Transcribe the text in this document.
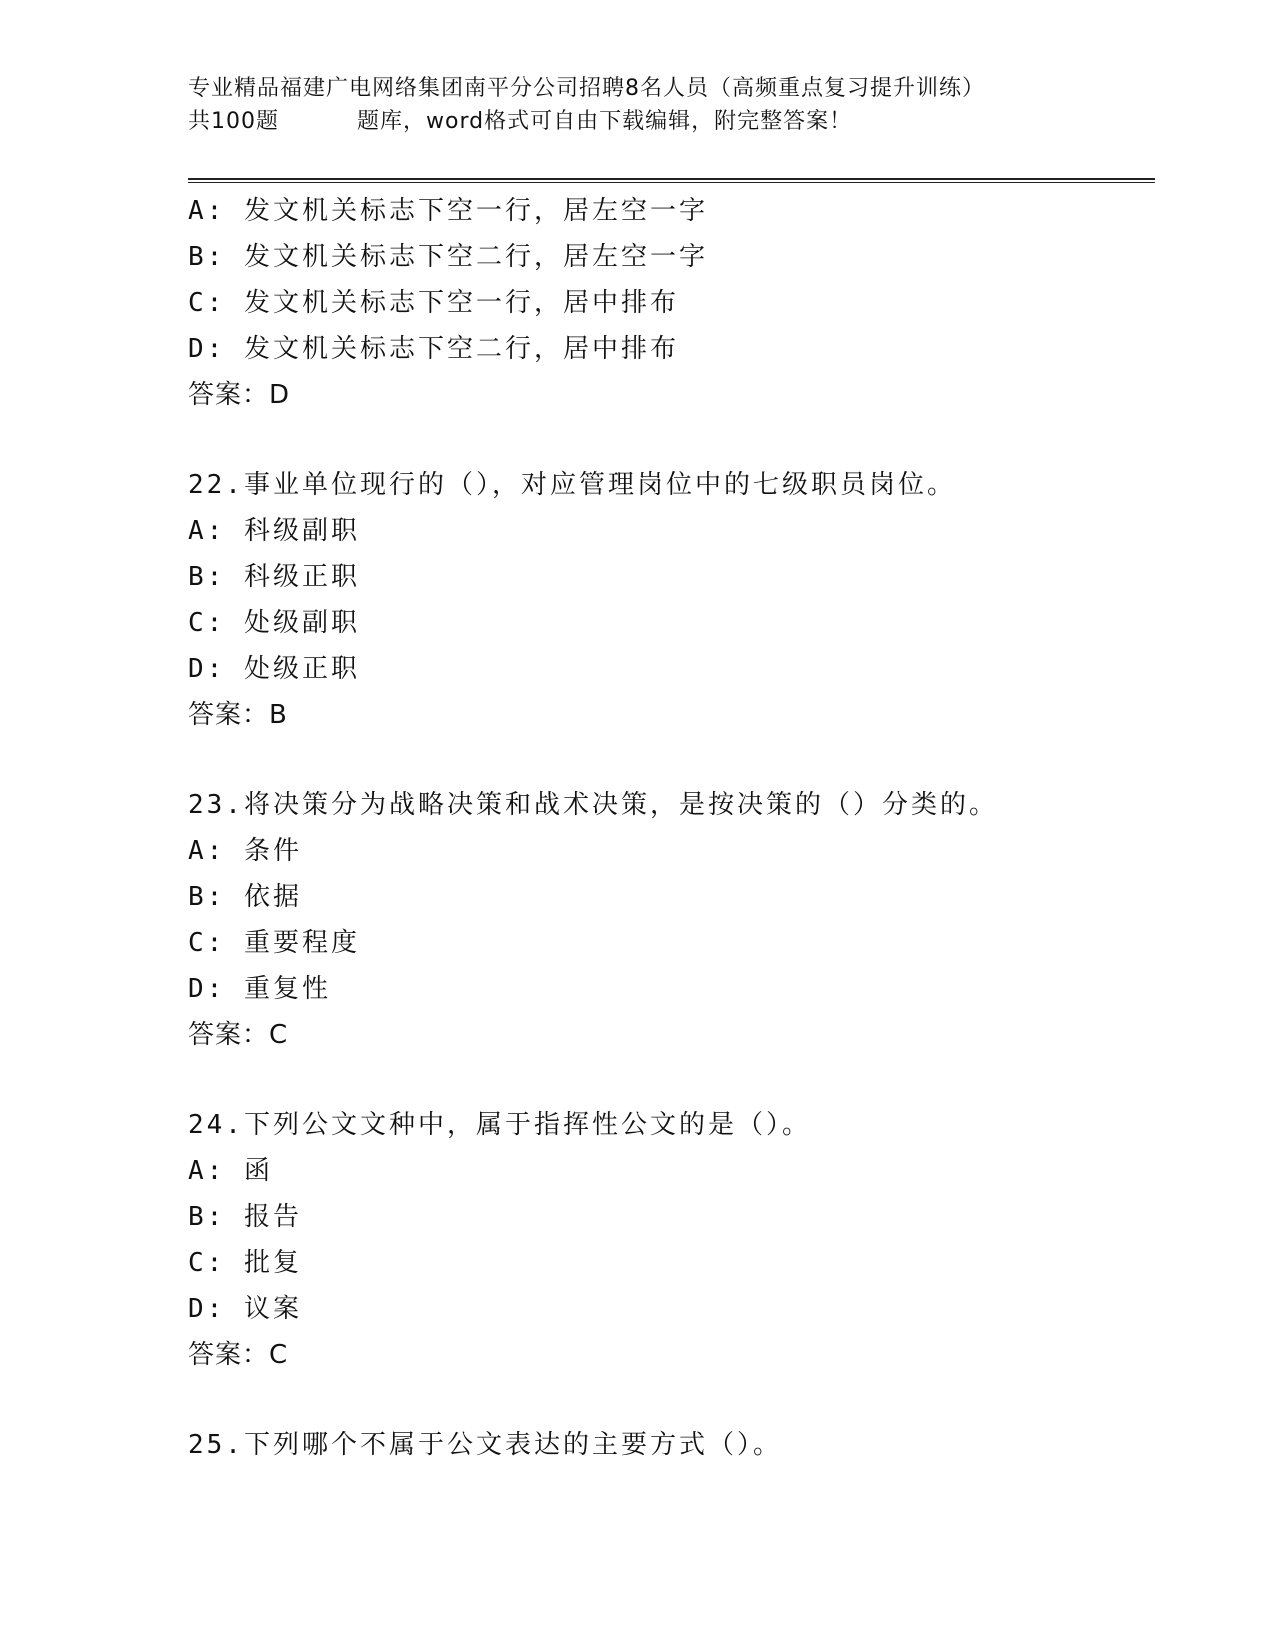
专业精品福建广电网络集团南平分公司招聘8名人员（高频重点复习提升训练）
共100题	题库，word格式可自由下载编辑，附完整答案！
A: 发文机关标志下空一行，居左空一字
B: 发文机关标志下空二行，居左空一字
C: 发文机关标志下空一行，居中排布
D: 发文机关标志下空二行，居中排布
答案：D
22.事业单位现行的（），对应管理岗位中的七级职员岗位。
A: 科级副职
B: 科级正职
C: 处级副职
D: 处级正职
答案：B
23.将决策分为战略决策和战术决策，是按决策的（）分类的。
A: 条件
B: 依据
C: 重要程度
D: 重复性
答案：C
24.下列公文文种中，属于指挥性公文的是（）。
A: 函
B: 报告
C: 批复
D: 议案
答案：C
25.下列哪个不属于公文表达的主要方式（）。
